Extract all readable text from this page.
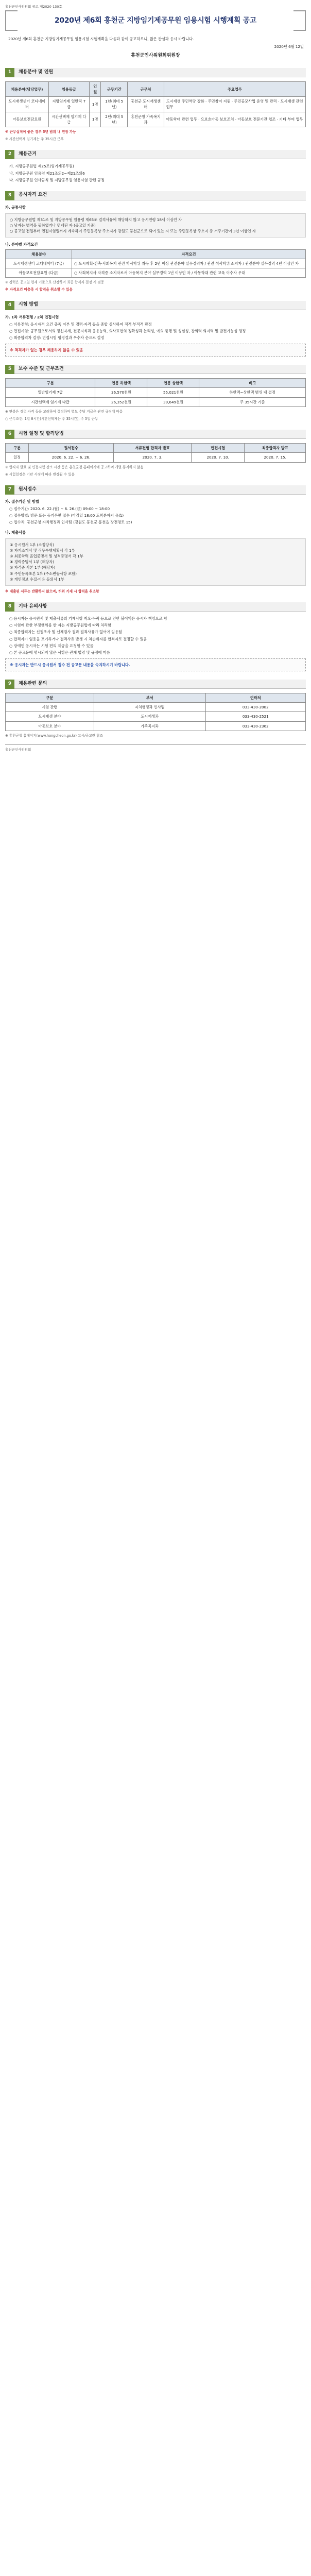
홍천군인사위원회 공고 제2020-130호
2020년 제6회 홍천군 지방임기제공무원 임용시험 시행계획 공고
2020년 제6회 홍천군 지방임기제공무원 임용시험 시행계획을 다음과 같이 공고하오니, 많은 관심과 응시 바랍니다.
2020년 6월 12일
홍천군인사위원회위원장
1	채용분야 및 인원
채용분야(담당업무)	임용등급	인원	근무기간	근무처	주요업무
도시재생센터 코디네이터	지방임기제 일반직 7급	1명	1년(최대 5년)	홍천군 도시재생센터	도시재생 주민역량 강화 · 주민참여 지원 · 주민공모사업 운영 및 관리 · 도시재생 관련 업무
아동보호전담요원	시간선택제 임기제 다급	1명	2년(최대 5년)	홍천군청 가족복지과	아동학대 관련 업무 · 요보호아동 보호조치 · 아동보호 전문기관 협조 · 기타 부여 업무
※ 근무실적이 좋은 경우 5년 범위 내 연장 가능
※ 시간선택제 임기제는 주 35시간 근무
2	채용근거
가. 지방공무원법 제25조(임기제공무원)
나. 지방공무원 임용령 제21조의2~제21조의6
다. 지방공무원 인사규칙 및 지방공무원 임용시험 관련 규정
3	응시자격 요건
가. 공통사항
○ 지방공무원법 제31조 및 지방공무원 임용령 제65조 결격사유에 해당하지 않고 응시연령 18세 이상인 자
○ 남자는 병역을 필하였거나 면제된 자 (공고일 기준)
○ 공고일 전일부터 면접시험일까지 계속하여 주민등록상 주소지가 강원도 홍천군으로 되어 있는 자 또는 주민등록상 주소지 총 거주기간이 3년 이상인 자
나. 분야별 자격요건
채용분야	자격요건
도시재생센터 코디네이터 (7급)	○ 도시계획·건축·사회복지 관련 학사학위 취득 후 2년 이상 관련분야 실무경력자 / 관련 석사학위 소지자 / 관련분야 실무경력 4년 이상인 자
아동보호전담요원 (다급)	○ 사회복지사 자격증 소지자로서 아동복지 분야 실무경력 1년 이상인 자 / 아동학대 관련 교육 이수자 우대
※ 경력은 공고일 현재 기준으로 산정하며 최종 합격자 결정 시 검증
※ 자격요건 미충족 시 합격을 취소할 수 있음
4	시험 방법
가. 1차 서류전형 / 2차 면접시험
○ 서류전형: 응시자격 요건 충족 여부 및 경력·자격 등을 종합 심사하여 적격·부적격 판정
○ 면접시험: 공무원으로서의 정신자세, 전문지식과 응용능력, 의사표현의 정확성과 논리성, 예의·품행 및 성실성, 창의력·의지력 및 발전가능성 평정
○ 최종합격자 결정: 면접시험 평정결과 우수자 순으로 결정
※ 적격자가 없는 경우 채용하지 않을 수 있음
5	보수 수준 및 근무조건
구분	연봉 하한액	연봉 상한액	비고
일반임기제 7급	36,570천원	55,021천원	하한액~상한액 범위 내 결정
시간선택제 임기제 다급	26,352천원	39,649천원	주 35시간 기준
※ 연봉은 경력·자격 등을 고려하여 결정하며 별도 수당 지급은 관련 규정에 따름
○ 근무조건: 1일 8시간(시간선택제는 주 35시간), 주 5일 근무
6	시험 일정 및 합격방법
구분	원서접수	서류전형 합격자 발표	면접시험	최종합격자 발표
일정	2020. 6. 22. ~ 6. 26.	2020. 7. 3.	2020. 7. 10.	2020. 7. 15.
※ 합격자 발표 및 면접시험 장소·시간 등은 홍천군청 홈페이지에 공고하며 개별 통지하지 않음
※ 시험일정은 기관 사정에 따라 변경될 수 있음
7	원서접수
가. 접수기간 및 방법
○ 접수기간: 2020. 6. 22.(월) ~ 6. 26.(금) 09:00 ~ 18:00
○ 접수방법: 방문 또는 등기우편 접수 (마감일 18:00 도착분까지 유효)
○ 접수처: 홍천군청 자치행정과 인사팀 (강원도 홍천군 홍천읍 장전평로 15)
나. 제출서류
① 응시원서 1부 (소정양식)
② 자기소개서 및 직무수행계획서 각 1부
③ 최종학력 졸업증명서 및 성적증명서 각 1부
④ 경력증명서 1부 (해당자)
⑤ 자격증 사본 1부 (해당자)
⑥ 주민등록초본 1부 (주소변동사항 포함)
⑦ 개인정보 수집·이용 동의서 1부
※ 제출된 서류는 반환하지 않으며, 허위 기재 시 합격을 취소함
8	기타 유의사항
○ 응시자는 응시원서 및 제출서류의 기재사항 착오·누락 등으로 인한 불이익은 응시자 책임으로 함
○ 시험에 관한 부정행위를 한 자는 지방공무원법에 따라 처리함
○ 최종합격자는 신원조사 및 신체검사 결과 결격사유가 없어야 임용됨
○ 합격자가 임용을 포기하거나 결격사유 발생 시 차순위자를 합격자로 결정할 수 있음
○ 장애인 응시자는 시험 편의 제공을 요청할 수 있음
○ 본 공고문에 명시되지 않은 사항은 관계 법령 및 규정에 따름
※ 응시자는 반드시 응시원서 접수 전 공고문 내용을 숙지하시기 바랍니다.
9	채용관련 문의
구분	부서	연락처
시험 관련	자치행정과 인사팀	033-430-2082
도시재생 분야	도시재생과	033-430-2521
아동보호 분야	가족복지과	033-430-2362
※ 홍천군청 홈페이지(www.hongcheon.go.kr) 고시/공고란 참조
홍천군인사위원회
